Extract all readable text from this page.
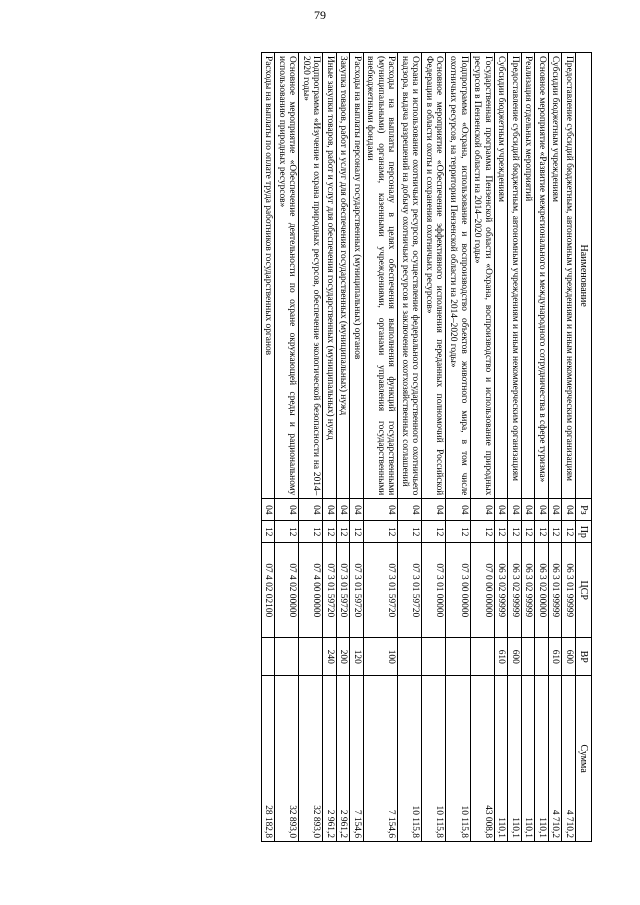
79
Наименование	Рз	Пр	ЦСР	ВР	Сумма
Предоставление субсидий бюджетным, автономным учреждениям и иным некоммерческим организациям	04	12	06 3 01 99999	600	4 710,2
Субсидии бюджетным учреждениям	04	12	06 3 01 99999	610	4 710,2
Основное мероприятие «Развитие межрегионального и международного сотрудничества в сфере туризма»	04	12	06 3 02 00000		110,1
Реализация отдельных мероприятий	04	12	06 3 02 99999		110,1
Предоставление субсидий бюджетным, автономным учреждениям и иным некоммерческим организациям	04	12	06 3 02 99999	600	110,1
Субсидии бюджетным учреждениям	04	12	06 3 02 99999	610	110,1
Государственная программа Пензенской области «Охрана, воспроизводство и использование природных ресурсов в Пензенской области на 2014–2020 годы»	04	12	07 0 00 00000		43 008,8
Подпрограмма «Охрана, использование и воспроизводство объектов животного мира, в том числе охотничьих ресурсов, на территории Пензенской области на 2014–2020 годы»	04	12	07 3 00 00000		10 115,8
Основное мероприятие «Обеспечение эффективного исполнения переданных полномочий Российской Федерации в области охоты и сохранения охотничьих ресурсов»	04	12	07 3 01 00000		10 115,8
Охрана и использование охотничьих ресурсов, осуществление федерального государственного охотничьего надзора, выдача разрешений на добычу охотничьих ресурсов и заключение охотхозяйственных соглашений	04	12	07 3 01 59720		10 115,8
Расходы на выплаты персоналу в целях обеспечения выполнения функций государственными (муниципальными) органами, казенными учреждениями, органами управления государственными внебюджетными фондами	04	12	07 3 01 59720	100	7 154,6
Расходы на выплаты персоналу государственных (муниципальных) органов	04	12	07 3 01 59720	120	7 154,6
Закупка товаров, работ и услуг для обеспечения государственных (муниципальных) нужд	04	12	07 3 01 59720	200	2 961,2
Иные закупки товаров, работ и услуг для обеспечения государственных (муниципальных) нужд	04	12	07 3 01 59720	240	2 961,2
Подпрограмма «Изучение и охрана природных ресурсов, обеспечение экологической безопасности на 2014–2020 годы»	04	12	07 4 00 00000		32 893,0
Основное мероприятие «Обеспечение деятельности по охране окружающей среды и рациональному использованию природных ресурсов»	04	12	07 4 02 00000		32 893,0
Расходы на выплаты по оплате труда работников государственных органов	04	12	07 4 02 02100		28 182,8
